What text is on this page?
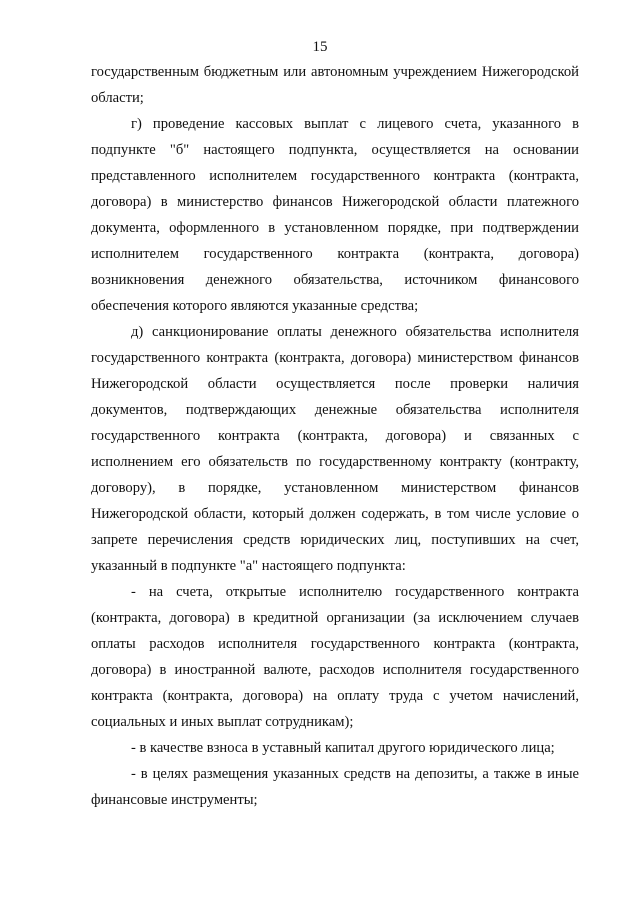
15

государственным бюджетным или автономным учреждением Нижегородской области;

г) проведение кассовых выплат с лицевого счета, указанного в подпункте "б" настоящего подпункта, осуществляется на основании представленного исполнителем государственного контракта (контракта, договора) в министерство финансов Нижегородской области платежного документа, оформленного в установленном порядке, при подтверждении исполнителем государственного контракта (контракта, договора) возникновения денежного обязательства, источником финансового обеспечения которого являются указанные средства;

д) санкционирование оплаты денежного обязательства исполнителя государственного контракта (контракта, договора) министерством финансов Нижегородской области осуществляется после проверки наличия документов, подтверждающих денежные обязательства исполнителя государственного контракта (контракта, договора) и связанных с исполнением его обязательств по государственному контракту (контракту, договору), в порядке, установленном министерством финансов Нижегородской области, который должен содержать, в том числе условие о запрете перечисления средств юридических лиц, поступивших на счет, указанный в подпункте "а" настоящего подпункта:

- на счета, открытые исполнителю государственного контракта (контракта, договора) в кредитной организации (за исключением случаев оплаты расходов исполнителя государственного контракта (контракта, договора) в иностранной валюте, расходов исполнителя государственного контракта (контракта, договора) на оплату труда с учетом начислений, социальных и иных выплат сотрудникам);

- в качестве взноса в уставный капитал другого юридического лица;

- в целях размещения указанных средств на депозиты, а также в иные финансовые инструменты;
